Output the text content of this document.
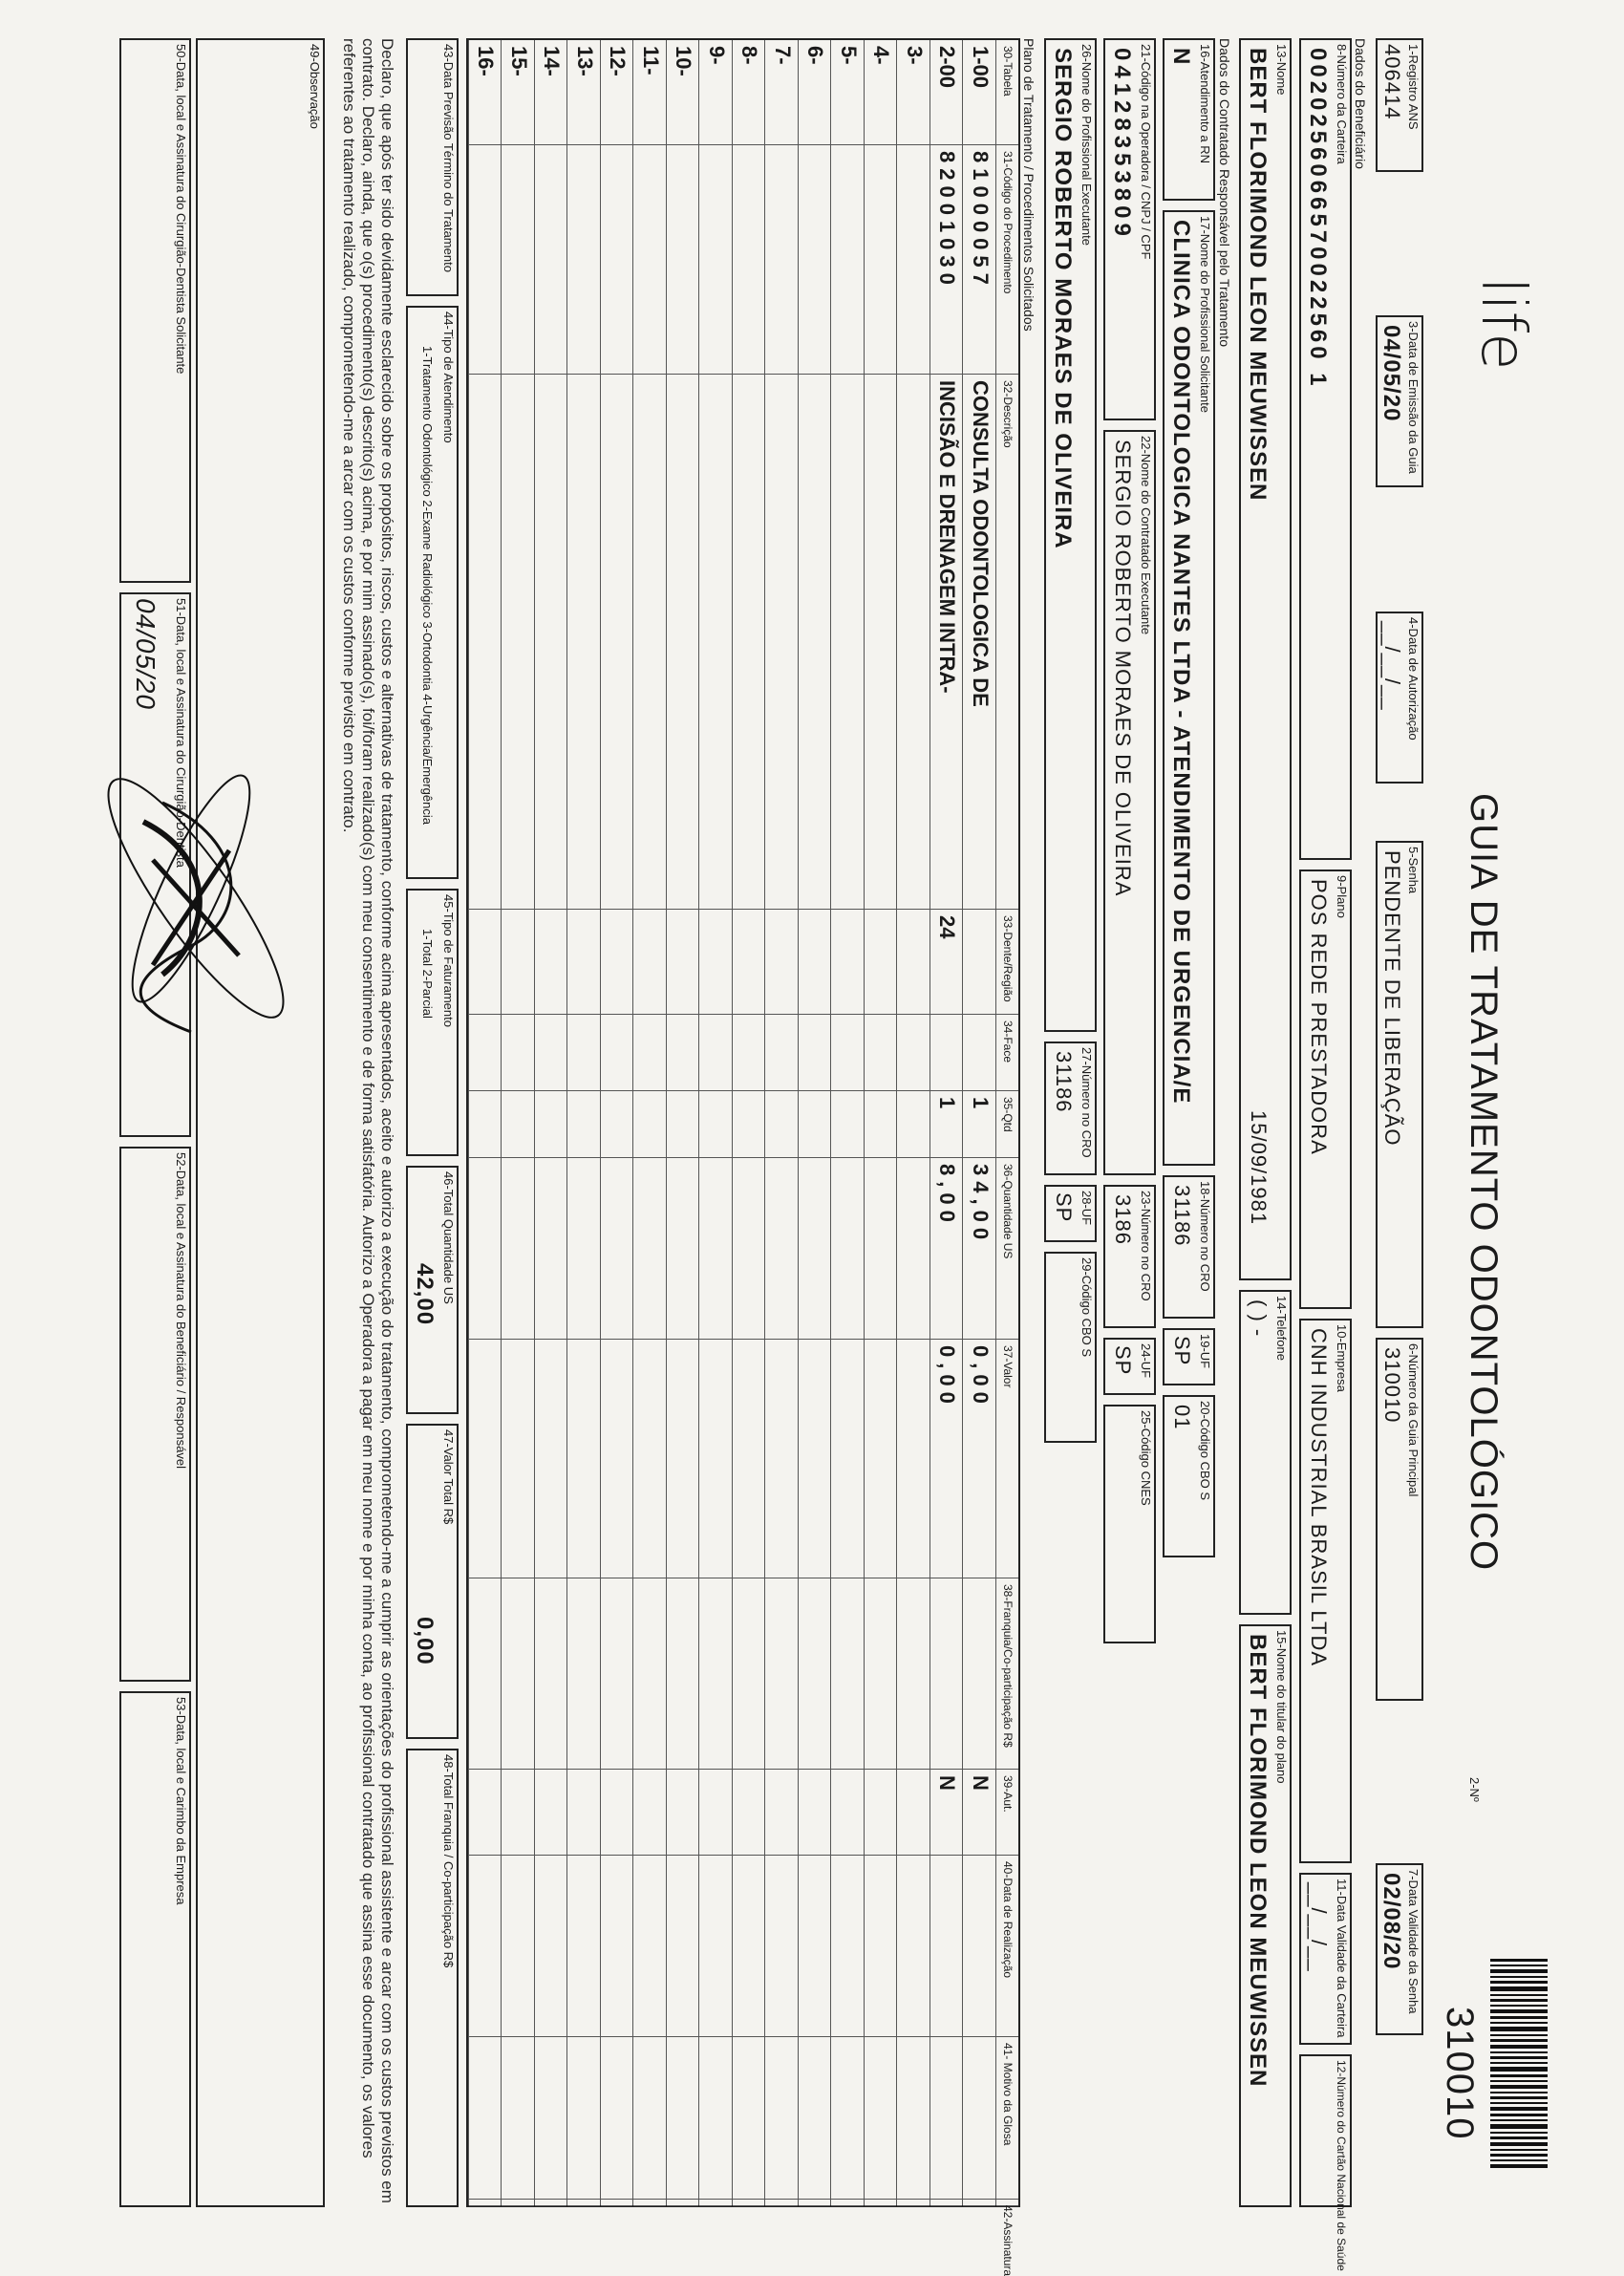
life
GUIA DE TRATAMENTO ODONTOLÓGICO
2-Nº
310010
1-Registro ANS
406414
3-Data de Emissão da Guia
04/05/20
4-Data de Autorização
__/__/__
5-Senha
PENDENTE DE LIBERAÇÃO
6-Número da Guia Principal
310010
7-Data Validade da Senha
02/08/20
Dados do Beneficiário
8-Número da Carteira
0020256066570022560 1
9-Plano
POS REDE PRESTADORA
10-Empresa
CNH INDUSTRIAL BRASIL LTDA
11-Data Validade da Carteira
__/__/__
12-Número do Cartão Nacional de Saúde
13-Nome
BERT FLORIMOND LEON MEUWISSEN
15/09/1981
14-Telefone
( ) -
15-Nome do titular do plano
BERT FLORIMOND LEON MEUWISSEN
Dados do Contratado Responsável pelo Tratamento
16-Atendimento a RN
N
17-Nome do Profissional Solicitante
CLINICA ODONTOLOGICA NANTES LTDA - ATENDIMENTO DE URGENCIA/E
18-Número no CRO
31186
19-UF
SP
20-Código CBO S
01
21-Código na Operadora / CNPJ / CPF
04128353809
22-Nome do Contratado Executante
SERGIO ROBERTO MORAES DE OLIVEIRA
23-Número no CRO
3186
24-UF
SP
25-Código CNES
26-Nome do Profissional Executante
SERGIO ROBERTO MORAES DE OLIVEIRA
27-Número no CRO
31186
28-UF
SP
29-Código CBO S
Plano de Tratamento / Procedimentos Solicitados
30-Tabela
31-Código do Procedimento
32-Descrição
33-Dente/Região
34-Face
35-Qtd
36-Quantidade US
37-Valor
38-Franquia/Co-participação R$
39-Aut.
40-Data de Realização
41- Motivo da Glosa
42-Assinatura
1-00
81000057
CONSULTA ODONTOLOGICA DE
1
34,00
0,00
N
2-00
82001030
INCISÃO E DRENAGEM INTRA-
24
1
8,00
0,00
N
3-
4-
5-
6-
7-
8-
9-
10-
11-
12-
13-
14-
15-
16-
43-Data Previsão Término do Tratamento
44-Tipo de Atendimento
1-Tratamento Odontológico 2-Exame Radiológico 3-Ortodontia 4-Urgência/Emergência
45-Tipo de Faturamento
1-Total 2-Parcial
46-Total Quantidade US
42,00
47-Valor Total R$
0,00
48-Total Franquia / Co-participação R$
Declaro, que após ter sido devidamente esclarecido sobre os propósitos, riscos, custos e alternativas de tratamento, conforme acima apresentados, aceito e autorizo a execução do tratamento, comprometendo-me a cumprir as orientações do profissional assistente e arcar com os custos previstos em contrato. Declaro, ainda, que o(s) procedimento(s) descrito(s) acima, e por mim assinado(s), foi/foram realizado(s) com meu consentimento e de forma satisfatória. Autorizo a Operadora a pagar em meu nome e por minha conta, ao profissional contratado que assina esse documento, os valores referentes ao tratamento realizado, comprometendo-me a arcar com os custos conforme previsto em contrato.
49-Observação
50-Data, local e Assinatura do Cirurgião-Dentista Solicitante
51-Data, local e Assinatura do Cirurgião-Dentista
04/05/20
52-Data, local e Assinatura do Beneficiário / Responsável
53-Data, local e Carimbo da Empresa
